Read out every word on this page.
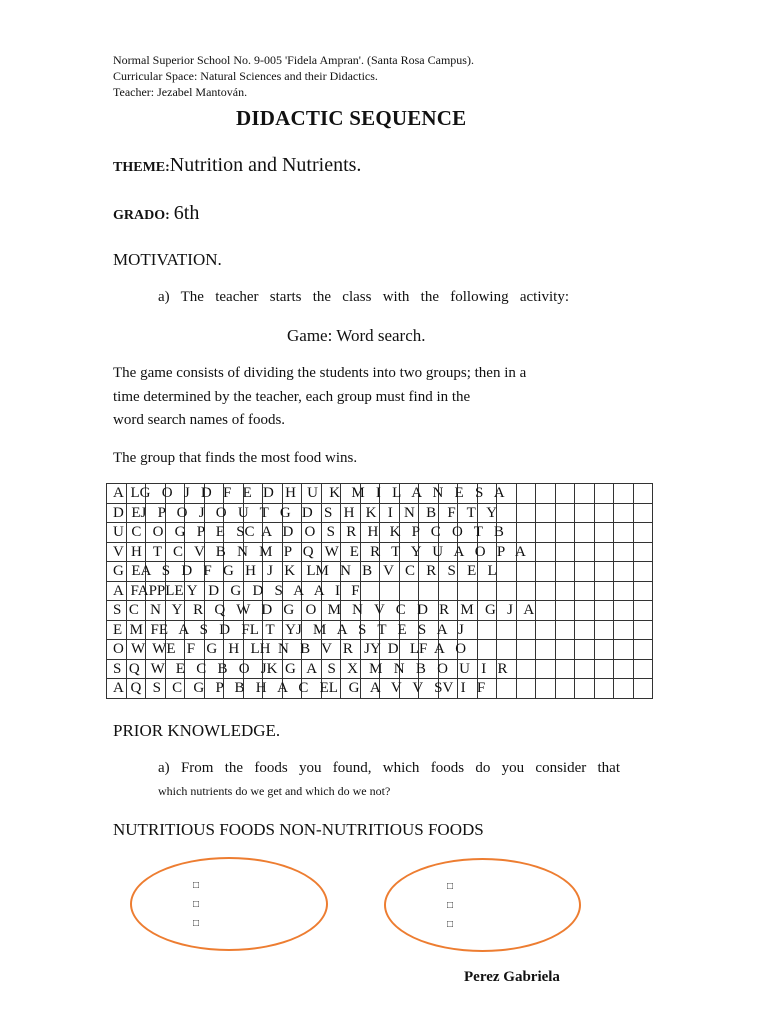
Normal Superior School No. 9-005 'Fidela Ampran'. (Santa Rosa Campus).
Curricular Space: Natural Sciences and their Didactics.
Teacher: Jezabel Mantován.
DIDACTIC SEQUENCE
THEME:Nutrition and Nutrients.
GRADO: 6th
MOTIVATION.
a) The teacher starts the class with the following activity:
Game: Word search.
The game consists of dividing the students into two groups; then in a
time determined by the teacher, each group must find in the
word search names of foods.
The group that finds the most food wins.

A  LG   O   J   D   F   E   D   H   U   K   M   I   L   A   N   E   S   A
D  EJ   P   O   J   O   U   T   G   D   S   H   K   I   N   B   F   T   Y
U  C   O   G   P   E   SC  A   D   O   S   R   H   K   P   C   O   T   B
V  H   T   C   V   B   N   M   P   Q   W   E   R   T   Y   U   A   O   P   A
G  EA   S   D   F   G   H   J   K   LM   N   B   V   C   R   S   E   L
A  FAPPLE Y   D   G   D   S   A   A   I   F
S  C   N   Y   R   Q   W   D   G   O   M   N   V   C   D   R   M   G   J   A
E  M  FE   A   S   D   FL  T   YJ   M   A   S   T   E   S   A   J
O  W  WE   F   G   H   LH  N   B   V   R   JY  D   LF  A   O
S  Q   W   E   C   B   O   JK  G   A   S   X   M   N   B   O   U   I   R
A  Q   S   C   G   P   B   H   A   C   EL   G   A   V   V   SV  I   F
PRIOR KNOWLEDGE.
a) From the foods you found, which foods do you consider that
which nutrients do we get and which do we not?
NUTRITIOUS FOODS NON-NUTRITIOUS FOODS
□
□
□
□
□
□
Perez Gabriela
